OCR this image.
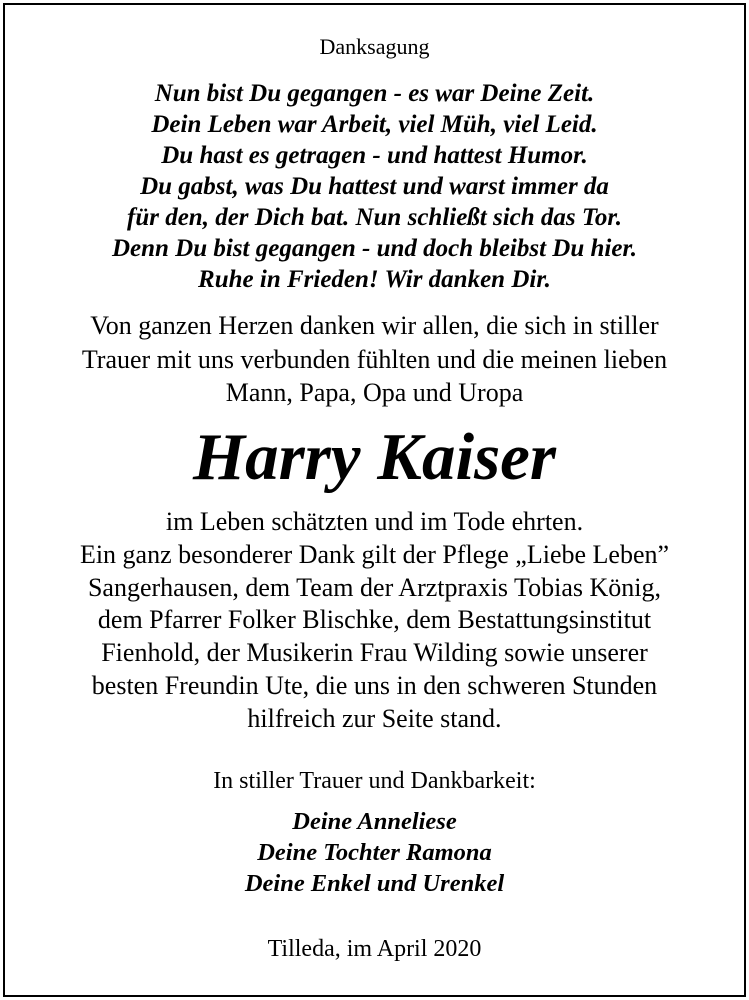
Danksagung
Nun bist Du gegangen - es war Deine Zeit.
Dein Leben war Arbeit, viel Müh, viel Leid.
Du hast es getragen - und hattest Humor.
Du gabst, was Du hattest und warst immer da
für den, der Dich bat. Nun schließt sich das Tor.
Denn Du bist gegangen - und doch bleibst Du hier.
Ruhe in Frieden! Wir danken Dir.
Von ganzen Herzen danken wir allen, die sich in stiller
Trauer mit uns verbunden fühlten und die meinen lieben
Mann, Papa, Opa und Uropa
Harry Kaiser
im Leben schätzten und im Tode ehrten.
Ein ganz besonderer Dank gilt der Pflege „Liebe Leben”
Sangerhausen, dem Team der Arztpraxis Tobias König,
dem Pfarrer Folker Blischke, dem Bestattungsinstitut
Fienhold, der Musikerin Frau Wilding sowie unserer
besten Freundin Ute, die uns in den schweren Stunden
hilfreich zur Seite stand.
In stiller Trauer und Dankbarkeit:
Deine Anneliese
Deine Tochter Ramona
Deine Enkel und Urenkel
Tilleda, im April 2020
